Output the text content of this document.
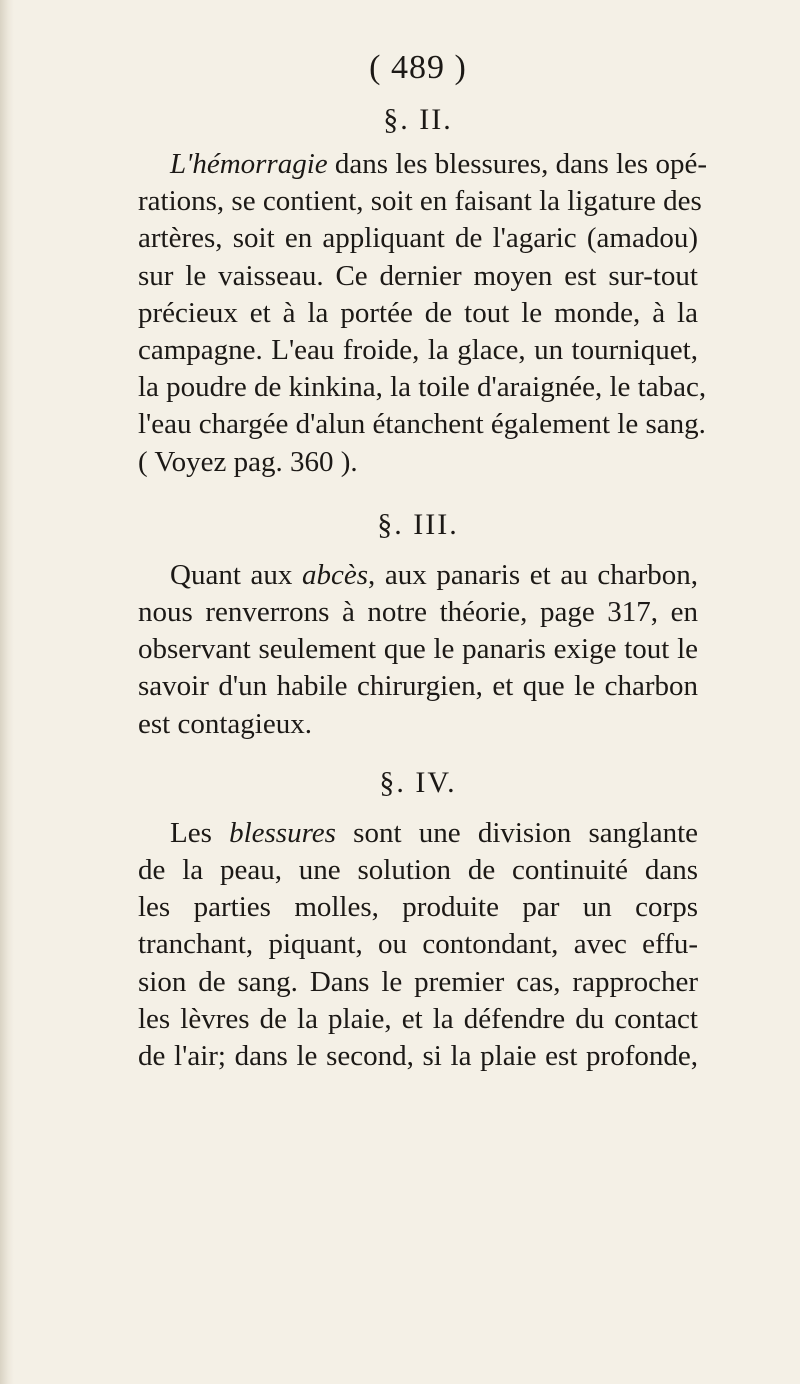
( 489 )

§. II.

L'hémorragie dans les blessures, dans les opé-
rations, se contient, soit en faisant la ligature des
artères, soit en appliquant de l'agaric (amadou)
sur le vaisseau. Ce dernier moyen est sur-tout
précieux et à la portée de tout le monde, à la
campagne. L'eau froide, la glace, un tourniquet,
la poudre de kinkina, la toile d'araignée, le tabac,
l'eau chargée d'alun étanchent également le sang.
( Voyez pag. 360 ).

§. III.

Quant aux abcès, aux panaris et au charbon,
nous renverrons à notre théorie, page 317, en
observant seulement que le panaris exige tout le
savoir d'un habile chirurgien, et que le charbon
est contagieux.

§. IV.

Les blessures sont une division sanglante
de la peau, une solution de continuité dans
les parties molles, produite par un corps
tranchant, piquant, ou contondant, avec effu-
sion de sang. Dans le premier cas, rapprocher
les lèvres de la plaie, et la défendre du contact
de l'air; dans le second, si la plaie est profonde,
